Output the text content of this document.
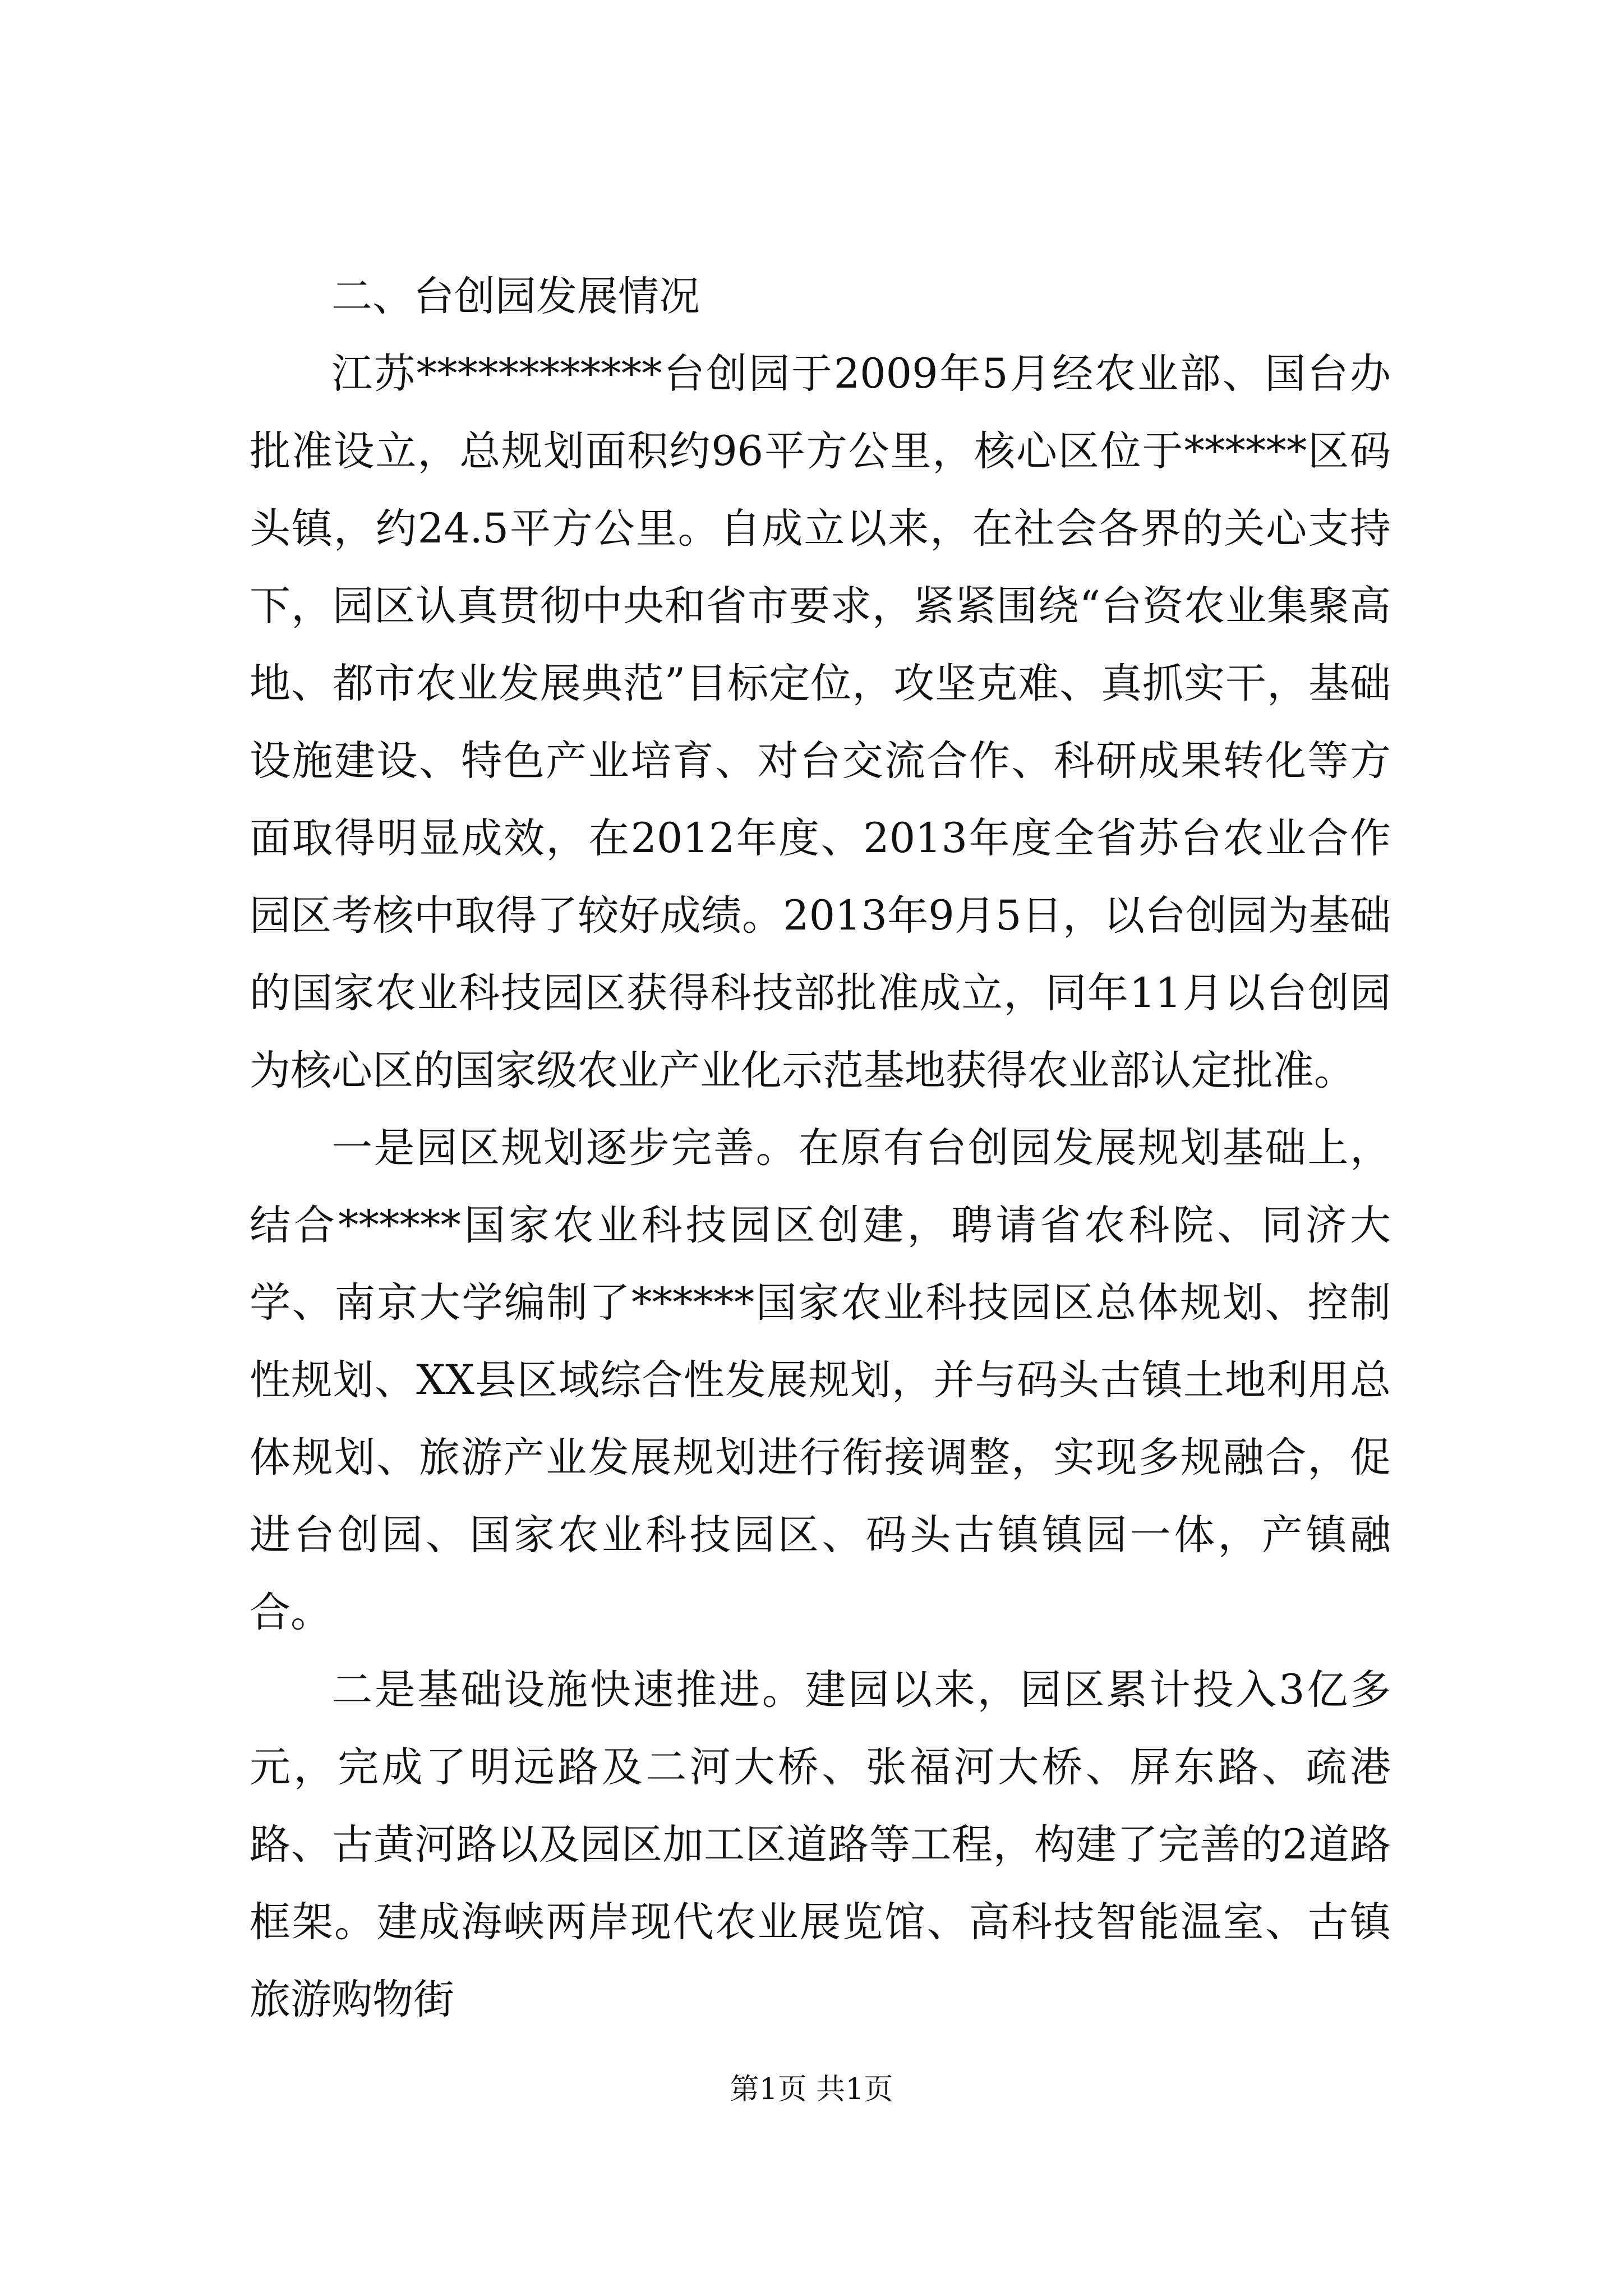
二、台创园发展情况

江苏************台创园于2009年5月经农业部、国台办批准设立，总规划面积约96平方公里，核心区位于******区码头镇，约24.5平方公里。自成立以来，在社会各界的关心支持下，园区认真贯彻中央和省市要求，紧紧围绕“台资农业集聚高地、都市农业发展典范”目标定位，攻坚克难、真抓实干，基础设施建设、特色产业培育、对台交流合作、科研成果转化等方面取得明显成效，在2012年度、2013年度全省苏台农业合作园区考核中取得了较好成绩。2013年9月5日，以台创园为基础的国家农业科技园区获得科技部批准成立，同年11月以台创园为核心区的国家级农业产业化示范基地获得农业部认定批准。

一是园区规划逐步完善。在原有台创园发展规划基础上，结合******国家农业科技园区创建，聘请省农科院、同济大学、南京大学编制了******国家农业科技园区总体规划、控制性规划、XX县区域综合性发展规划，并与码头古镇土地利用总体规划、旅游产业发展规划进行衔接调整，实现多规融合，促进台创园、国家农业科技园区、码头古镇镇园一体，产镇融合。

二是基础设施快速推进。建园以来，园区累计投入3亿多元，完成了明远路及二河大桥、张福河大桥、屏东路、疏港路、古黄河路以及园区加工区道路等工程，构建了完善的2道路框架。建成海峡两岸现代农业展览馆、高科技智能温室、古镇旅游购物街

第1页 共1页
